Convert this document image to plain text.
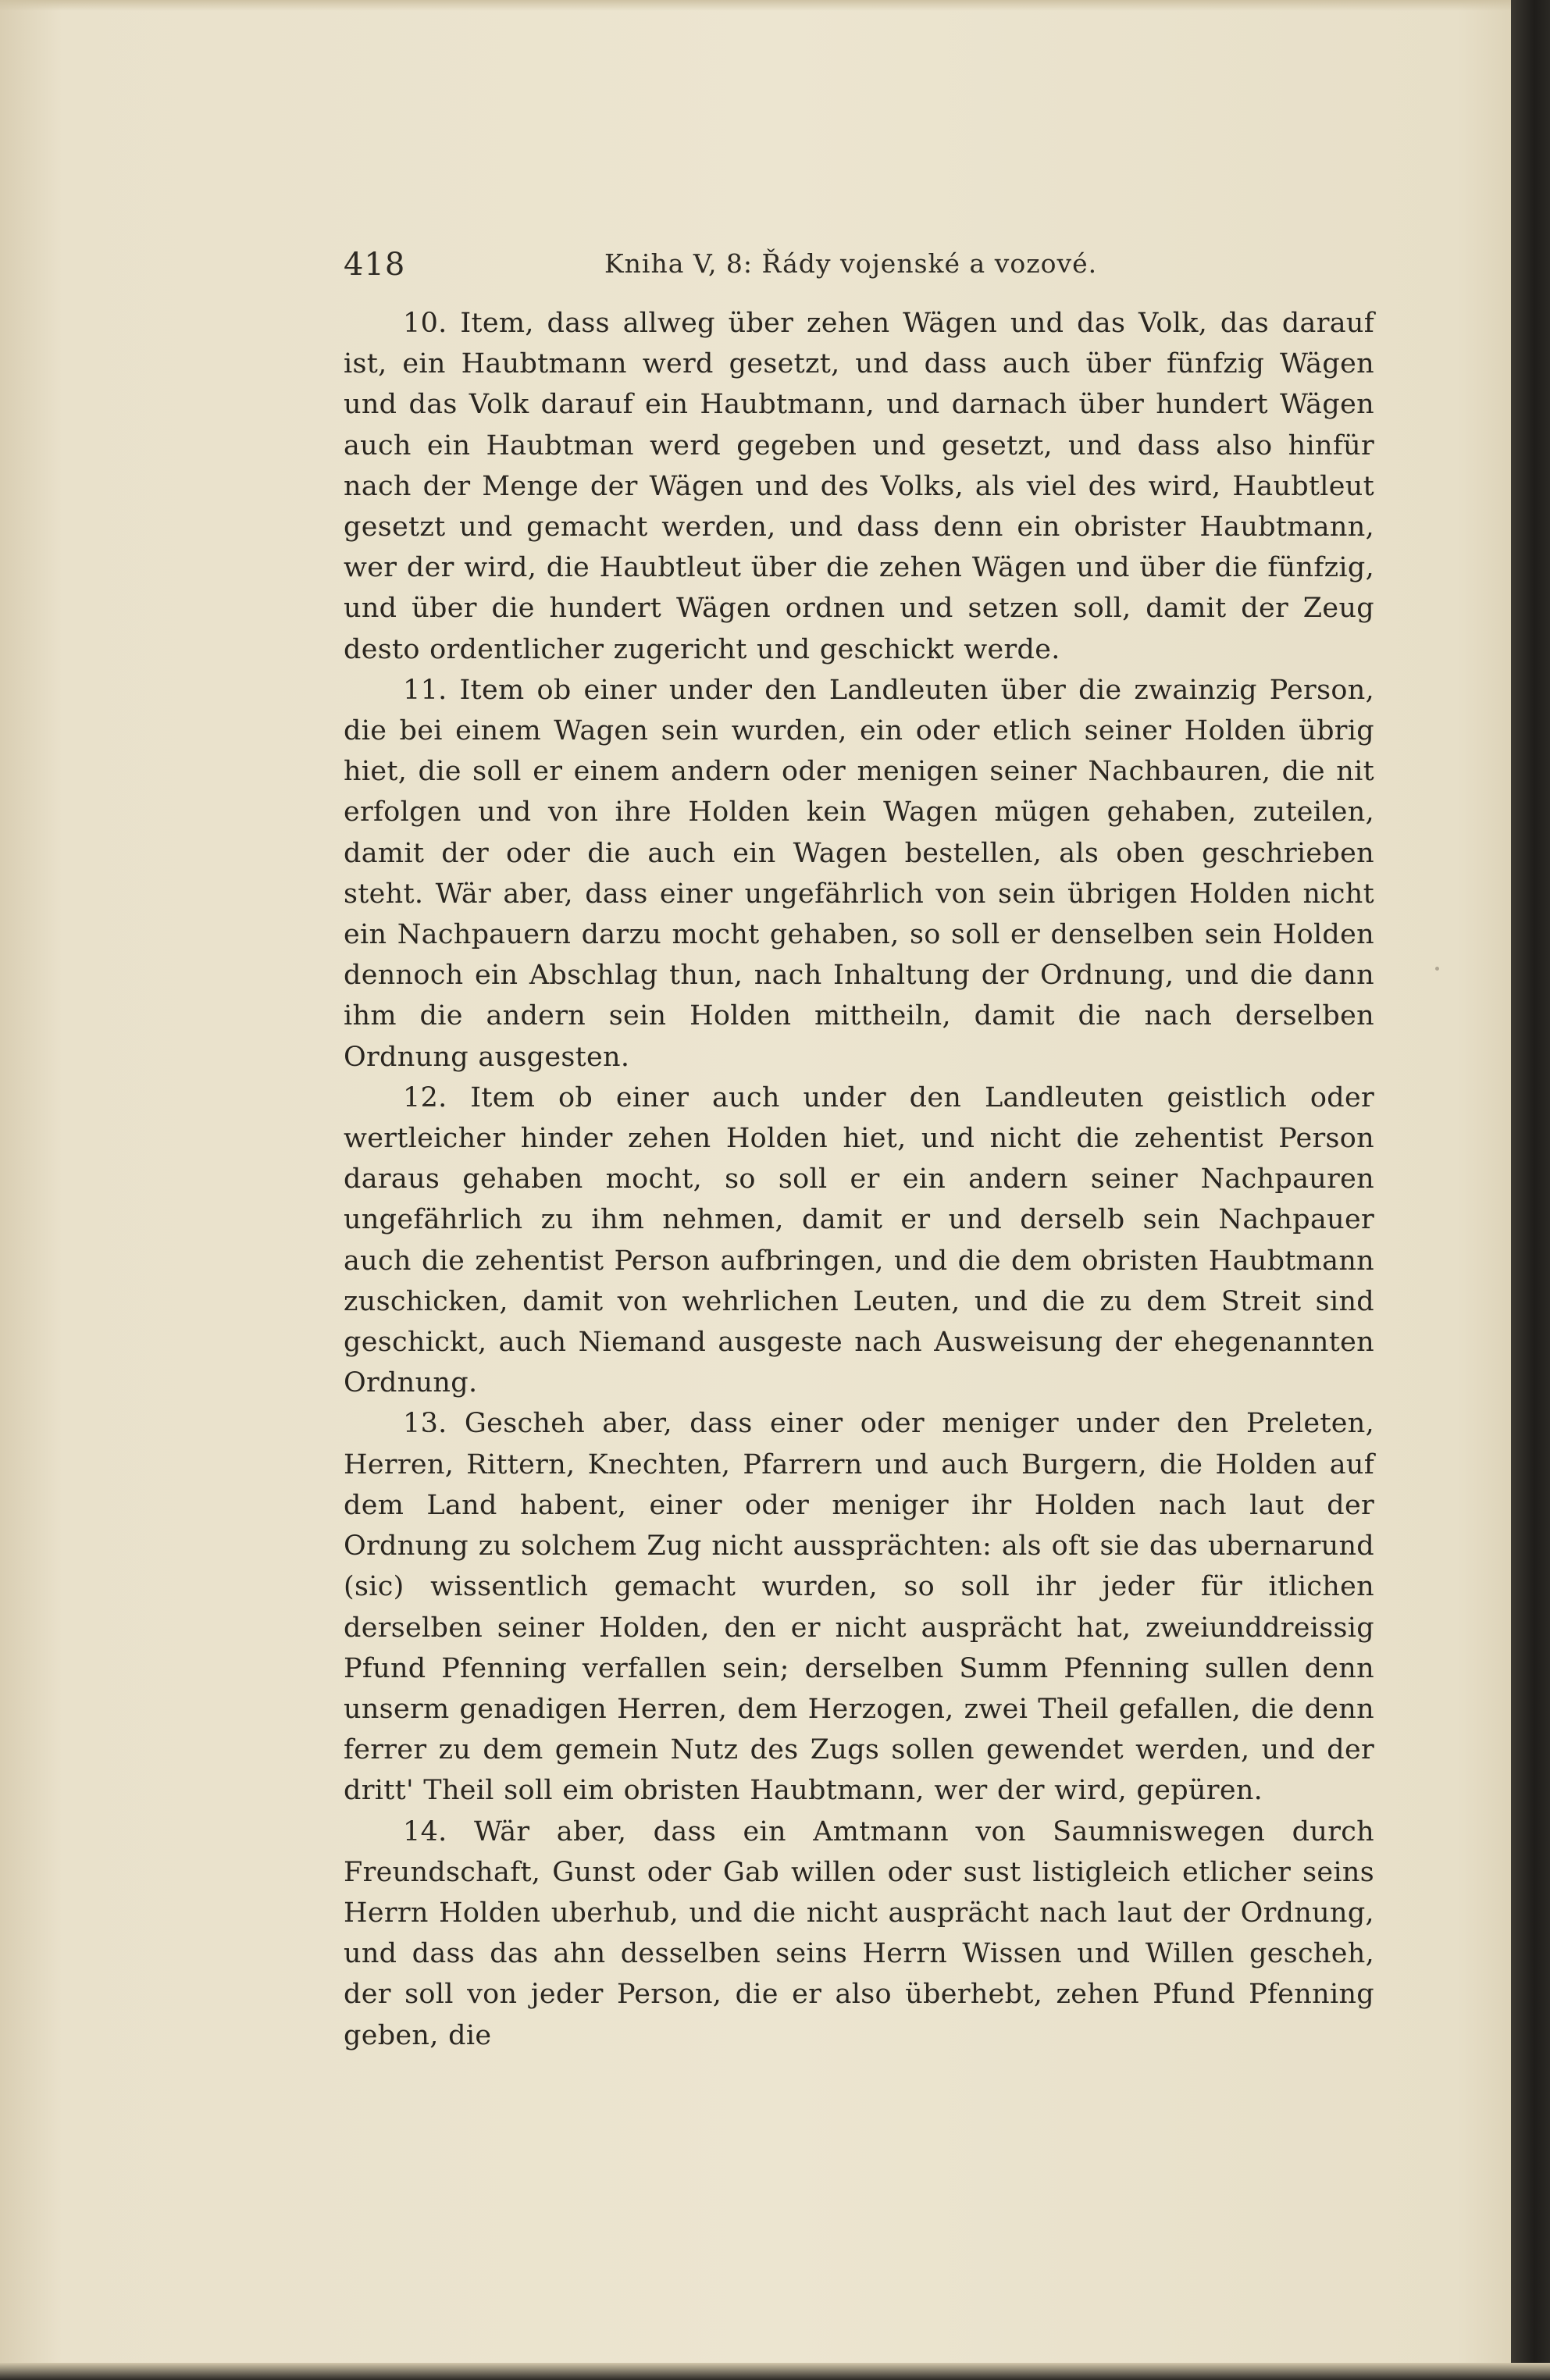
418	Kniha V, 8: Řády vojenské a vozové.

10. Item, dass allweg über zehen Wägen und das Volk, das darauf ist, ein Haubtmann werd gesetzt, und dass auch über fünfzig Wägen und das Volk darauf ein Haubtmann, und darnach über hundert Wägen auch ein Haubtman werd gegeben und gesetzt, und dass also hinfür nach der Menge der Wägen und des Volks, als viel des wird, Haubtleut gesetzt und gemacht werden, und dass denn ein obrister Haubtmann, wer der wird, die Haubtleut über die zehen Wägen und über die fünfzig, und über die hundert Wägen ordnen und setzen soll, damit der Zeug desto ordentlicher zugericht und geschickt werde.

11. Item ob einer under den Landleuten über die zwainzig Person, die bei einem Wagen sein wurden, ein oder etlich seiner Holden übrig hiet, die soll er einem andern oder menigen seiner Nachbauren, die nit erfolgen und von ihre Holden kein Wagen mügen gehaben, zuteilen, damit der oder die auch ein Wagen bestellen, als oben geschrieben steht. Wär aber, dass einer ungefährlich von sein übrigen Holden nicht ein Nachpauern darzu mocht gehaben, so soll er denselben sein Holden dennoch ein Abschlag thun, nach Inhaltung der Ordnung, und die dann ihm die andern sein Holden mittheiln, damit die nach derselben Ordnung ausgesten.

12. Item ob einer auch under den Landleuten geistlich oder wertleicher hinder zehen Holden hiet, und nicht die zehentist Person daraus gehaben mocht, so soll er ein andern seiner Nachpauren ungefährlich zu ihm nehmen, damit er und derselb sein Nachpauer auch die zehentist Person aufbringen, und die dem obristen Haubtmann zuschicken, damit von wehrlichen Leuten, und die zu dem Streit sind geschickt, auch Niemand ausgeste nach Ausweisung der ehegenannten Ordnung.

13. Gescheh aber, dass einer oder meniger under den Preleten, Herren, Rittern, Knechten, Pfarrern und auch Burgern, die Holden auf dem Land habent, einer oder meniger ihr Holden nach laut der Ordnung zu solchem Zug nicht aussprächten: als oft sie das ubernarund (sic) wissentlich gemacht wurden, so soll ihr jeder für itlichen derselben seiner Holden, den er nicht ausprächt hat, zweiunddreissig Pfund Pfenning verfallen sein; derselben Summ Pfenning sullen denn unserm genadigen Herren, dem Herzogen, zwei Theil gefallen, die denn ferrer zu dem gemein Nutz des Zugs sollen gewendet werden, und der dritt' Theil soll eim obristen Haubtmann, wer der wird, gepüren.

14. Wär aber, dass ein Amtmann von Saumniswegen durch Freundschaft, Gunst oder Gab willen oder sust listigleich etlicher seins Herrn Holden uberhub, und die nicht ausprächt nach laut der Ordnung, und dass das ahn desselben seins Herrn Wissen und Willen gescheh, der soll von jeder Person, die er also überhebt, zehen Pfund Pfenning geben, die
